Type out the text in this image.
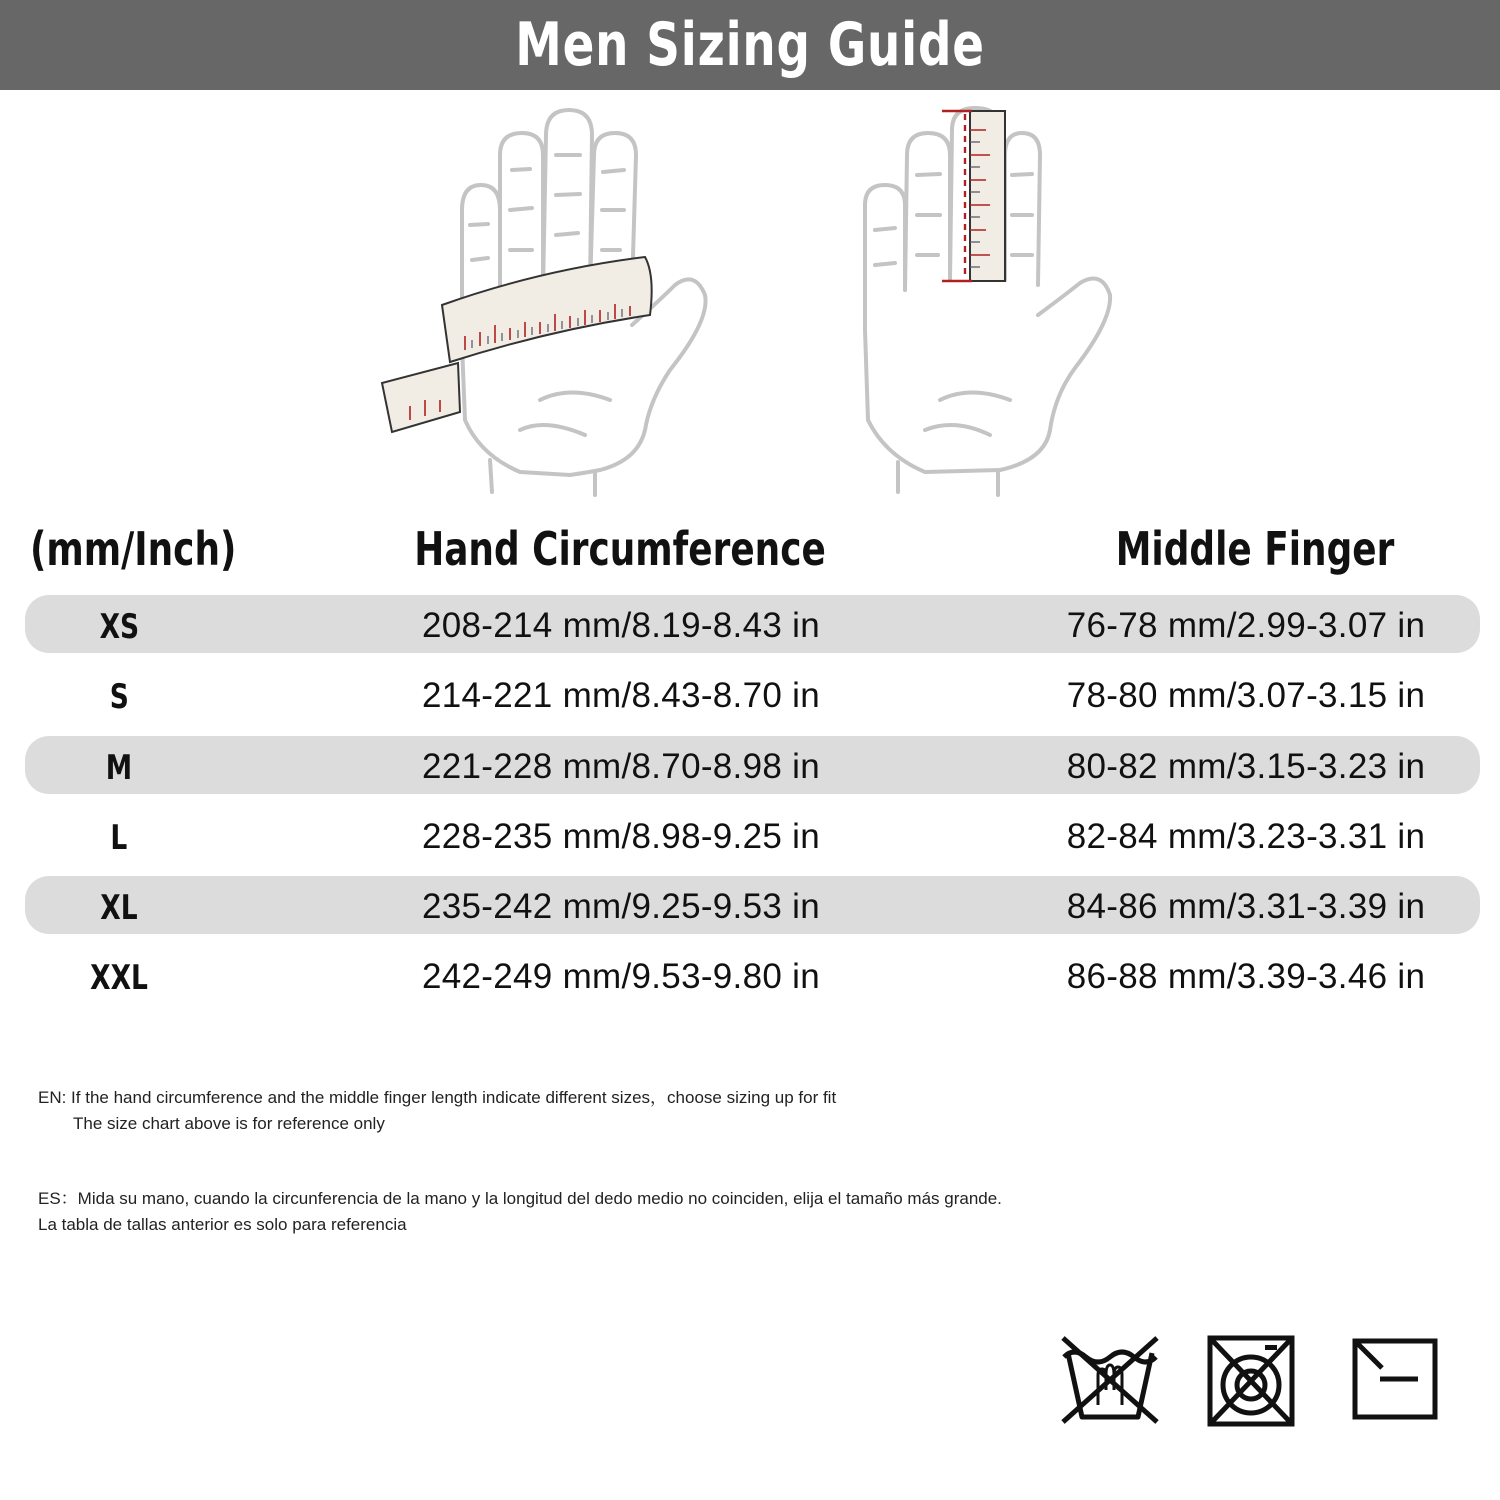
Men Sizing Guide
(mm/Inch)	Hand Circumference	Middle Finger
XS	208-214 mm/8.19-8.43 in	76-78 mm/2.99-3.07 in
S	214-221 mm/8.43-8.70 in	78-80 mm/3.07-3.15 in
M	221-228 mm/8.70-8.98 in	80-82 mm/3.15-3.23 in
L	228-235 mm/8.98-9.25 in	82-84 mm/3.23-3.31 in
XL	235-242 mm/9.25-9.53 in	84-86 mm/3.31-3.39 in
XXL	242-249 mm/9.53-9.80 in	86-88 mm/3.39-3.46 in
EN: If the hand circumference and the middle finger length indicate different sizes，choose sizing up for fit
The size chart above is for reference only
ES：Mida su mano, cuando la circunferencia de la mano y la longitud del dedo medio no coinciden, elija el tamaño más grande.
La tabla de tallas anterior es solo para referencia
